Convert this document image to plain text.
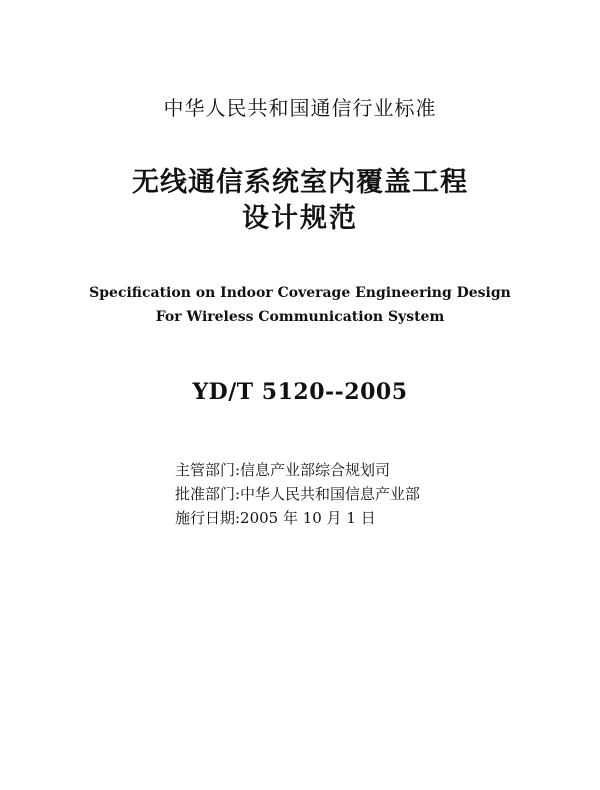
中华人民共和国通信行业标准
无线通信系统室内覆盖工程
设计规范
Specification on Indoor Coverage Engineering Design
For Wireless Communication System
YD/T 5120--2005
主管部门:信息产业部综合规划司
批准部门:中华人民共和国信息产业部
施行日期:2005 年 10 月 1 日
